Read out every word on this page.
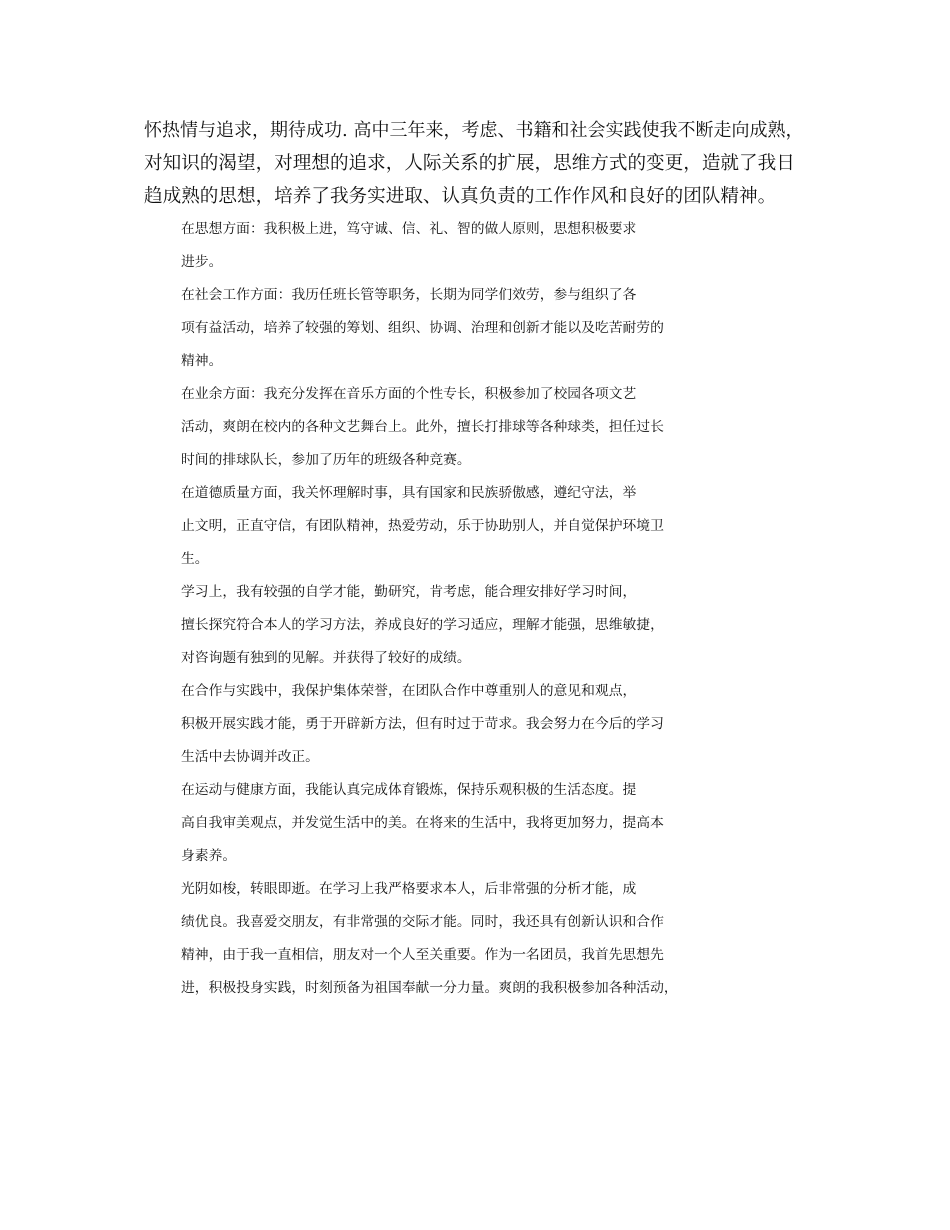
怀热情与追求，期待成功. 高中三年来，考虑、书籍和社会实践使我不断走向成熟，
对知识的渴望，对理想的追求，人际关系的扩展，思维方式的变更，造就了我日
趋成熟的思想，培养了我务实进取、认真负责的工作作风和良好的团队精神。
在思想方面：我积极上进，笃守诚、信、礼、智的做人原则，思想积极要求
进步。
在社会工作方面：我历任班长管等职务，长期为同学们效劳，参与组织了各
项有益活动，培养了较强的筹划、组织、协调、治理和创新才能以及吃苦耐劳的
精神。
在业余方面：我充分发挥在音乐方面的个性专长，积极参加了校园各项文艺
活动，爽朗在校内的各种文艺舞台上。此外，擅长打排球等各种球类，担任过长
时间的排球队长，参加了历年的班级各种竞赛。
在道德质量方面，我关怀理解时事，具有国家和民族骄傲感，遵纪守法，举
止文明，正直守信，有团队精神，热爱劳动，乐于协助别人，并自觉保护环境卫
生。
学习上，我有较强的自学才能，勤研究，肯考虑，能合理安排好学习时间，
擅长探究符合本人的学习方法，养成良好的学习适应，理解才能强，思维敏捷，
对咨询题有独到的见解。并获得了较好的成绩。
在合作与实践中，我保护集体荣誉，在团队合作中尊重别人的意见和观点，
积极开展实践才能，勇于开辟新方法，但有时过于苛求。我会努力在今后的学习
生活中去协调并改正。
在运动与健康方面，我能认真完成体育锻炼，保持乐观积极的生活态度。提
高自我审美观点，并发觉生活中的美。在将来的生活中，我将更加努力，提高本
身素养。
光阴如梭，转眼即逝。在学习上我严格要求本人，后非常强的分析才能，成
绩优良。我喜爱交朋友，有非常强的交际才能。同时，我还具有创新认识和合作
精神，由于我一直相信，朋友对一个人至关重要。作为一名团员，我首先思想先
进，积极投身实践，时刻预备为祖国奉献一分力量。爽朗的我积极参加各种活动，
